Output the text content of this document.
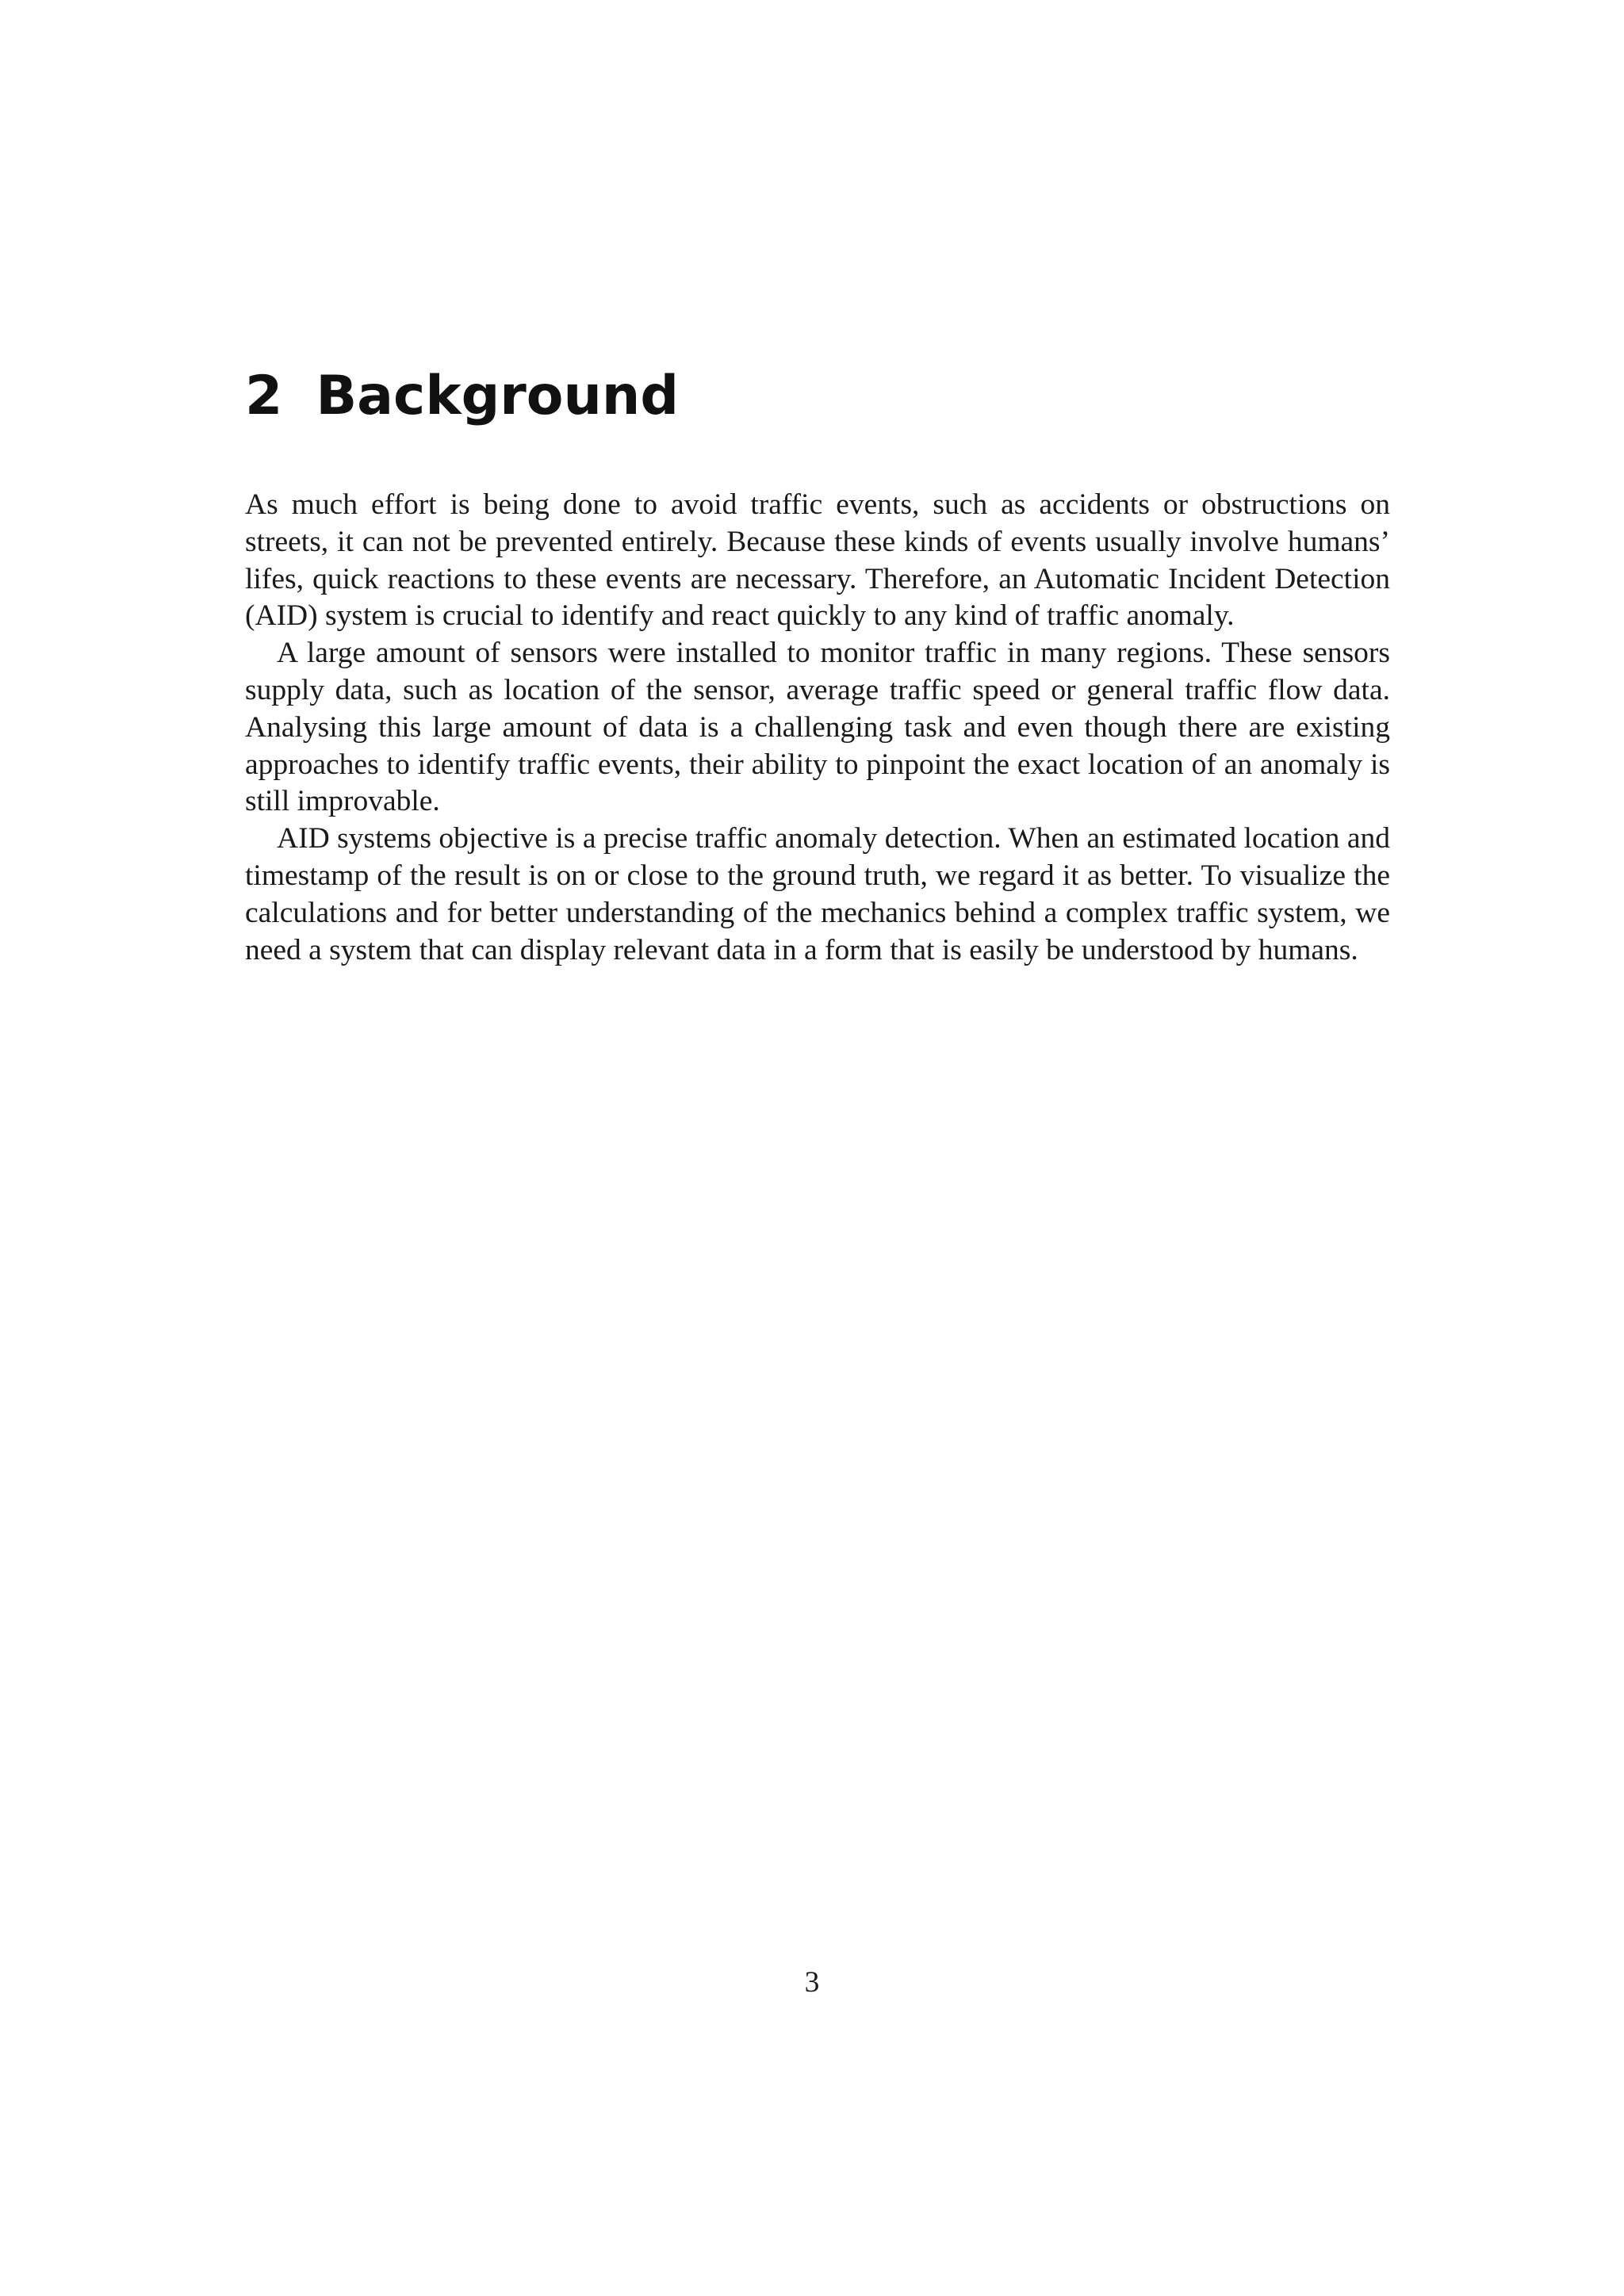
2 Background

As much effort is being done to avoid traffic events, such as accidents or obstructions on streets, it can not be prevented entirely. Because these kinds of events usually involve humans’ lifes, quick reactions to these events are necessary. Therefore, an Automatic Incident Detection (AID) system is crucial to identify and react quickly to any kind of traffic anomaly.

A large amount of sensors were installed to monitor traffic in many regions. These sensors supply data, such as location of the sensor, average traffic speed or general traffic flow data. Analysing this large amount of data is a challenging task and even though there are existing approaches to identify traffic events, their ability to pinpoint the exact location of an anomaly is still improvable.

AID systems objective is a precise traffic anomaly detection. When an estimated location and timestamp of the result is on or close to the ground truth, we regard it as better. To visualize the calculations and for better understanding of the mechanics behind a complex traffic system, we need a system that can display relevant data in a form that is easily be understood by humans.

3
